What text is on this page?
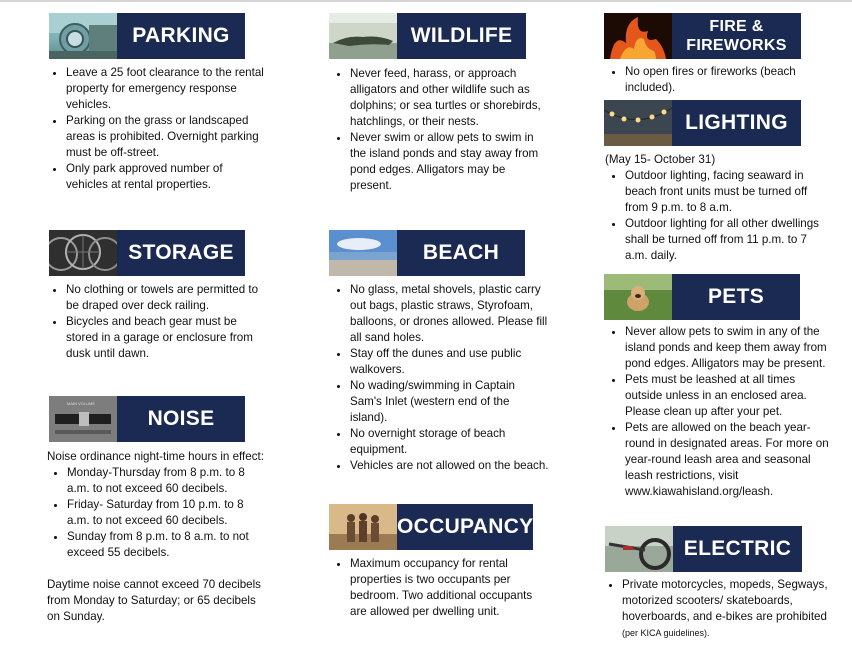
PARKING
• Leave a 25 foot clearance to the rental property for emergency response vehicles.
• Parking on the grass or landscaped areas is prohibited. Overnight parking must be off-street.
• Only park approved number of vehicles at rental properties.
STORAGE
• No clothing or towels are permitted to be draped over deck railing.
• Bicycles and beach gear must be stored in a garage or enclosure from dusk until dawn.
MAIN VOLUME
NOISE

Noise ordinance night-time hours in effect:

• Monday-Thursday from 8 p.m. to 8 a.m. to not exceed 60 decibels.
• Friday- Saturday from 10 p.m. to 8 a.m. to not exceed 60 decibels.
• Sunday from 8 p.m. to 8 a.m. to not exceed 55 decibels.

Daytime noise cannot exceed 70 decibels from Monday to Saturday; or 65 decibels on Sunday.

WILDLIFE
• Never feed, harass, or approach alligators and other wildlife such as dolphins; or sea turtles or shorebirds, hatchlings, or their nests.
• Never swim or allow pets to swim in the island ponds and stay away from pond edges. Alligators may be present.
BEACH
• No glass, metal shovels, plastic carry out bags, plastic straws, Styrofoam, balloons, or drones allowed. Please fill all sand holes.
• Stay off the dunes and use public walkovers.
• No wading/swimming in Captain Sam's Inlet (western end of the island).
• No overnight storage of beach equipment.
• Vehicles are not allowed on the beach.
OCCUPANCY
• Maximum occupancy for rental properties is two occupants per bedroom. Two additional occupants are allowed per dwelling unit.
FIRE &
FIREWORKS
• No open fires or fireworks (beach included).
LIGHTING

(May 15- October 31)

• Outdoor lighting, facing seaward in beach front units must be turned off from 9 p.m. to 8 a.m.
• Outdoor lighting for all other dwellings shall be turned off from 11 p.m. to 7 a.m. daily.
PETS
• Never allow pets to swim in any of the island ponds and keep them away from pond edges. Alligators may be present.
• Pets must be leashed at all times outside unless in an enclosed area. Please clean up after your pet.
• Pets are allowed on the beach year-round in designated areas. For more on year-round leash area and seasonal leash restrictions, visit www.kiawahisland.org/leash.
ELECTRIC
• Private motorcycles, mopeds, Segways, motorized scooters/ skateboards, hoverboards, and e-bikes are prohibited (per KICA guidelines).
